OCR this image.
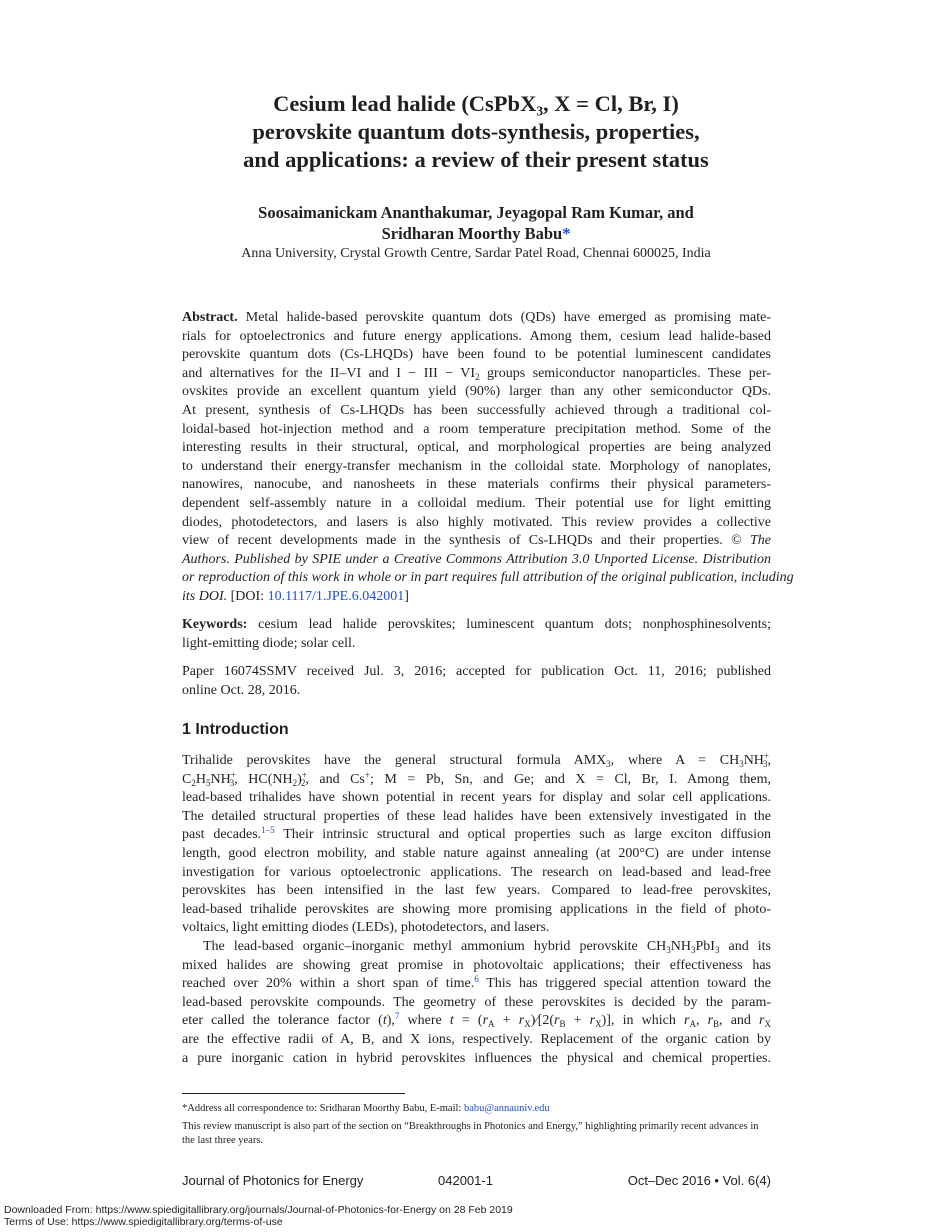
Cesium lead halide (CsPbX₃, X = Cl, Br, I)
perovskite quantum dots-synthesis, properties,
and applications: a review of their present status
Soosaimanickam Ananthakumar, Jeyagopal Ram Kumar, and
Sridharan Moorthy Babu*
Anna University, Crystal Growth Centre, Sardar Patel Road, Chennai 600025, India
Abstract. Metal halide-based perovskite quantum dots (QDs) have emerged as promising mate-
rials for optoelectronics and future energy applications. Among them, cesium lead halide-based
perovskite quantum dots (Cs-LHQDs) have been found to be potential luminescent candidates
and alternatives for the II–VI and I − III − $VI_2$ groups semiconductor nanoparticles. These per-
ovskites provide an excellent quantum yield (90%) larger than any other semiconductor QDs.
At present, synthesis of Cs-LHQDs has been successfully achieved through a traditional col-
loidal-based hot-injection method and a room temperature precipitation method. Some of the
interesting results in their structural, optical, and morphological properties are being analyzed
to understand their energy-transfer mechanism in the colloidal state. Morphology of nanoplates,
nanowires, nanocube, and nanosheets in these materials confirms their physical parameters-
dependent self-assembly nature in a colloidal medium. Their potential use for light emitting
diodes, photodetectors, and lasers is also highly motivated. This review provides a collective
view of recent developments made in the synthesis of Cs-LHQDs and their properties. © The
Authors. Published by SPIE under a Creative Commons Attribution 3.0 Unported License. Distribution
or reproduction of this work in whole or in part requires full attribution of the original publication, including
its DOI. [DOI: 10.1117/1.JPE.6.042001]
Keywords: cesium lead halide perovskites; luminescent quantum dots; nonphosphinesolvents;
light-emitting diode; solar cell.
Paper 16074SSMV received Jul. 3, 2016; accepted for publication Oct. 11, 2016; published
online Oct. 28, 2016.
1 Introduction
Trihalide perovskites have the general structural formula $AMX_3$, where $A = CH_3NH^+_3$,
$C_2H_5NH^+_3$, $HC(NH_2)^+_2$, and Cs+; M = Pb, Sn, and Ge; and X = Cl, Br, I. Among them,
lead-based trihalides have shown potential in recent years for display and solar cell applications.
The detailed structural properties of these lead halides have been extensively investigated in the
past decades.$^{1-5}$ Their intrinsic structural and optical properties such as large exciton diffusion
length, good electron mobility, and stable nature against annealing (at 200°C) are under intense
investigation for various optoelectronic applications. The research on lead-based and lead-free
perovskites has been intensified in the last few years. Compared to lead-free perovskites,
lead-based trihalide perovskites are showing more promising applications in the field of photo-
voltaics, light emitting diodes (LEDs), photodetectors, and lasers.
The lead-based organic–inorganic methyl ammonium hybrid perovskite $CH_3NH_3PbI_3$ and its
mixed halides are showing great promise in photovoltaic applications; their effectiveness has
reached over 20% within a short span of time.$^6$ This has triggered special attention toward the
lead-based perovskite compounds. The geometry of these perovskites is decided by the param-
eter called the tolerance factor (t),$^7$ where $t = (r_A$ + $r_X)∕[2(r_B + r_X)]$, in which $r_A$, $r_B$, and $r_X$
are the effective radii of A, B, and X ions, respectively. Replacement of the organic cation by
a pure inorganic cation in hybrid perovskites influences the physical and chemical properties.
*Address all correspondence to: Sridharan Moorthy Babu, E-mail: babu@annauniv.edu
This review manuscript is also part of the section on “Breakthroughs in Photonics and Energy,” highlighting primarily recent advances in
the last three years.
Journal of Photonics for Energy	042001-1	Oct–Dec 2016 • Vol. 6(4)
Downloaded From: https://www.spiedigitallibrary.org/journals/Journal-of-Photonics-for-Energy on 28 Feb 2019
Terms of Use: https://www.spiedigitallibrary.org/terms-of-use
